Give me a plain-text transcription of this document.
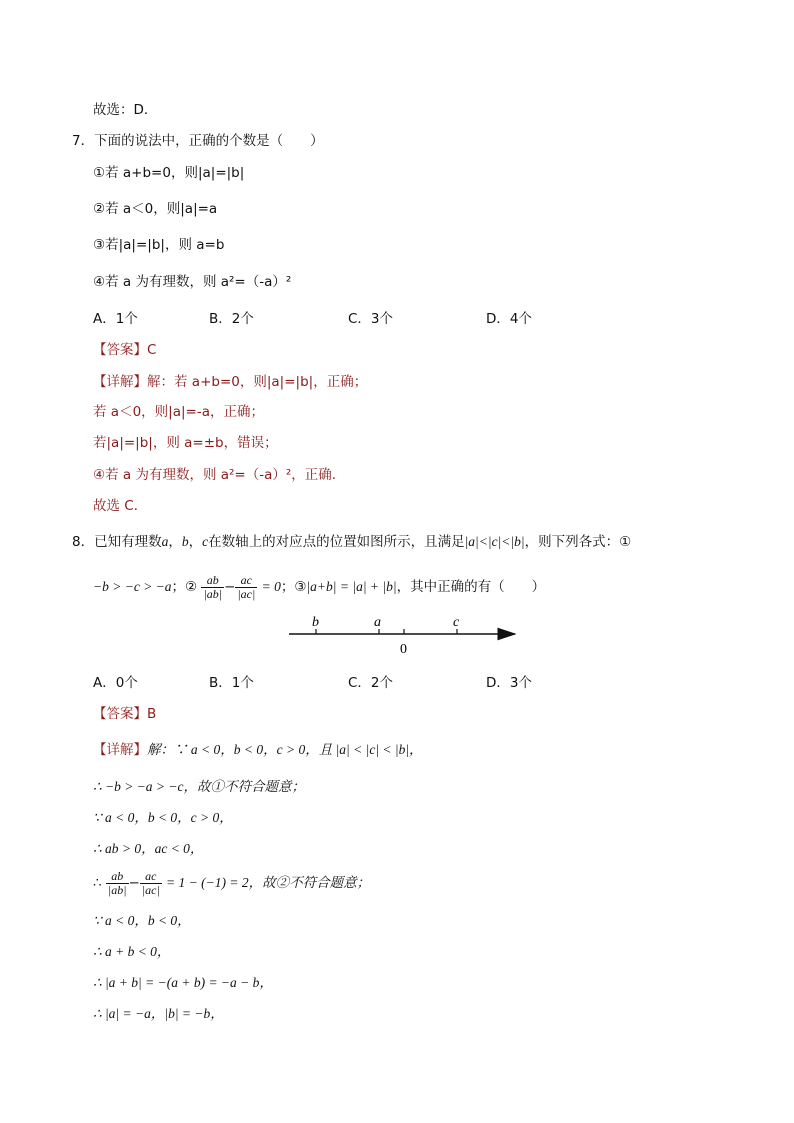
故选：D．
7．下面的说法中，正确的个数是（　　）
①若 a+b=0，则|a|=|b|
②若 a＜0，则|a|=a
③若|a|=|b|，则 a=b
④若 a 为有理数，则 a²=（-a）²
A．1个	B．2个	C．3个	D．4个
【答案】C
【详解】解：若 a+b=0，则|a|=|b|，正确；
若 a＜0，则|a|=-a，正确；
若|a|=|b|，则 a=±b，错误；
④若 a 为有理数，则 a²=（-a）²，正确.
故选 C．
8．已知有理数a，b，c在数轴上的对应点的位置如图所示，且满足|a|<|c|<|b|，则下列各式：①
−b > −c > −a；② $\frac{ab}{|ab|} - \frac{ac}{|ac|} = 0$；③|a+b| = |a| + |b|，其中正确的有（　　）
b	a	c
0
A．0个	B．1个	C．2个	D．3个
【答案】B
【详解】解：∵ a < 0，b < 0，c > 0，且 |a| < |c| < |b|，
∴ −b > −a > −c，故①不符合题意；
∵ a < 0，b < 0，c > 0，
∴ ab > 0，ac < 0，
∴ $\frac{ab}{|ab|} - \frac{ac}{|ac|} = 1 - (-1) = 2$，故②不符合题意；
∵ a < 0，b < 0，
∴ a + b < 0，
∴ |a + b| = −(a + b) = −a − b，
∴ |a| = −a，|b| = −b，
